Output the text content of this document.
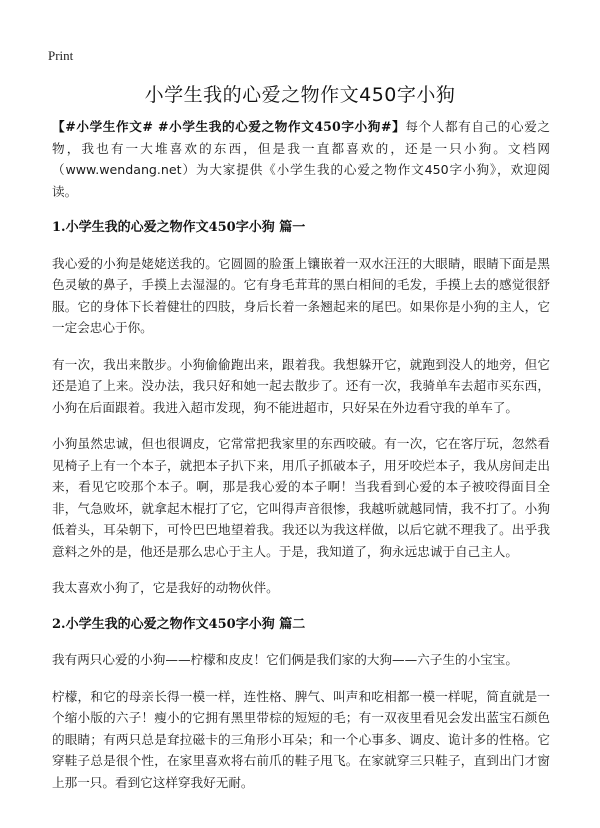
Print
小学生我的心爱之物作文450字小狗

【#小学生作文# #小学生我的心爱之物作文450字小狗#】每个人都有自己的心爱之物，我也有一大堆喜欢的东西，但是我一直都喜欢的，还是一只小狗。文档网（www.wendang.net）为大家提供《小学生我的心爱之物作文450字小狗》，欢迎阅读。

1.小学生我的心爱之物作文450字小狗 篇一

我心爱的小狗是姥姥送我的。它圆圆的脸蛋上镶嵌着一双水汪汪的大眼睛，眼睛下面是黑色灵敏的鼻子，手摸上去湿湿的。它有身毛茸茸的黑白相间的毛发，手摸上去的感觉很舒服。它的身体下长着健壮的四肢，身后长着一条翘起来的尾巴。如果你是小狗的主人，它一定会忠心于你。

有一次，我出来散步。小狗偷偷跑出来，跟着我。我想躲开它，就跑到没人的地旁，但它还是追了上来。没办法，我只好和她一起去散步了。还有一次，我骑单车去超市买东西，小狗在后面跟着。我进入超市发现，狗不能进超市，只好呆在外边看守我的单车了。

小狗虽然忠诚，但也很调皮，它常常把我家里的东西咬破。有一次，它在客厅玩，忽然看见椅子上有一个本子，就把本子扒下来，用爪子抓破本子，用牙咬烂本子，我从房间走出来，看见它咬那个本子。啊，那是我心爱的本子啊！当我看到心爱的本子被咬得面目全非，气急败坏，就拿起木棍打了它，它叫得声音很惨，我越听就越同情，我不打了。小狗低着头，耳朵朝下，可怜巴巴地望着我。我还以为我这样做，以后它就不理我了。出乎我意料之外的是，他还是那么忠心于主人。于是，我知道了，狗永远忠诚于自己主人。

我太喜欢小狗了，它是我好的动物伙伴。

2.小学生我的心爱之物作文450字小狗 篇二

我有两只心爱的小狗——柠檬和皮皮！它们俩是我们家的大狗——六子生的小宝宝。

柠檬，和它的母亲长得一模一样，连性格、脾气、叫声和吃相都一模一样呢，简直就是一个缩小版的六子！瘦小的它拥有黑里带棕的短短的毛；有一双夜里看见会发出蓝宝石颜色的眼睛；有两只总是耷拉磁卡的三角形小耳朵；和一个心事多、调皮、诡计多的性格。它穿鞋子总是很个性，在家里喜欢将右前爪的鞋子甩飞。在家就穿三只鞋子，直到出门才窗上那一只。看到它这样穿我好无耐。
